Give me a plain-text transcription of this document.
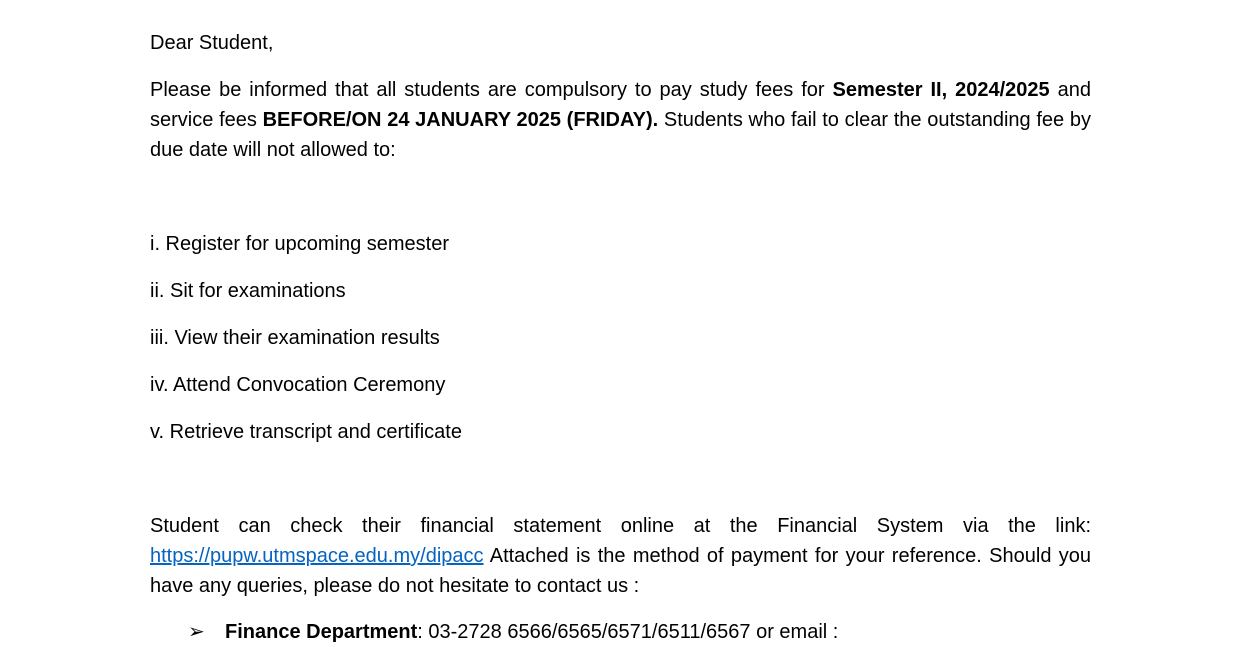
Dear Student,
Please be informed that all students are compulsory to pay study fees for Semester II, 2024/2025 and service fees BEFORE/ON 24 JANUARY 2025 (FRIDAY). Students who fail to clear the outstanding fee by due date will not allowed to:
i. Register for upcoming semester
ii. Sit for examinations
iii. View their examination results
iv. Attend Convocation Ceremony
v. Retrieve transcript and certificate
Student can check their financial statement online at the Financial System via the link: https://pupw.utmspace.edu.my/dipacc Attached is the method of payment for your reference. Should you have any queries, please do not hesitate to contact us :
➢ Finance Department: 03-2728 6566/6565/6571/6511/6567 or email :
